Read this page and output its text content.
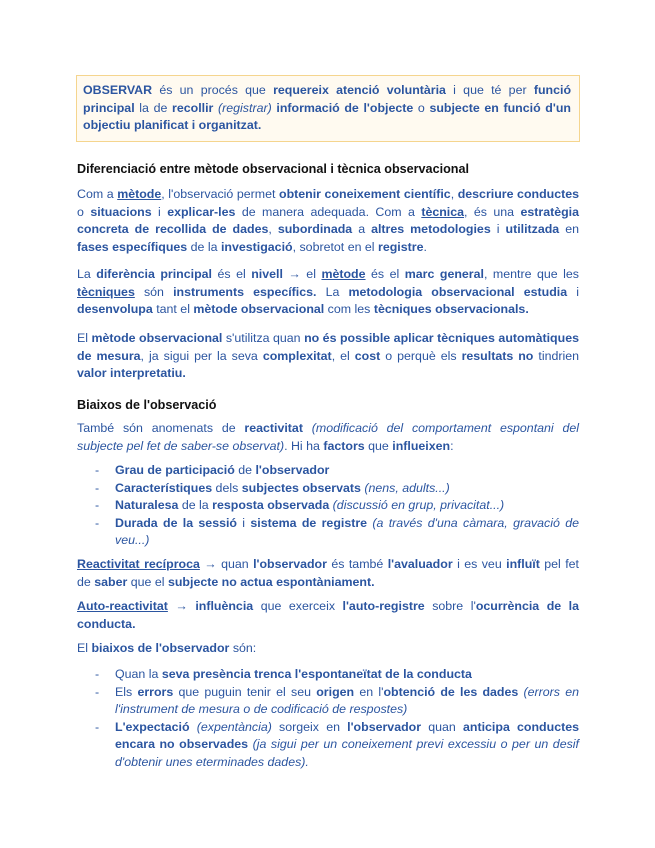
OBSERVAR és un procés que requereix atenció voluntària i que té per funció principal la de recollir (registrar) informació de l'objecte o subjecte en funció d'un objectiu planificat i organitzat.
Diferenciació entre mètode observacional i tècnica observacional
Com a mètode, l'observació permet obtenir coneixement científic, descriure conductes o situacions i explicar-les de manera adequada. Com a tècnica, és una estratègia concreta de recollida de dades, subordinada a altres metodologies i utilitzada en fases específiques de la investigació, sobretot en el registre.
La diferència principal és el nivell → el mètode és el marc general, mentre que les tècniques són instruments específics. La metodologia observacional estudia i desenvolupa tant el mètode observacional com les tècniques observacionals.
El mètode observacional s'utilitza quan no és possible aplicar tècniques automàtiques de mesura, ja sigui per la seva complexitat, el cost o perquè els resultats no tindrien valor interpretatiu.
Biaixos de l'observació
També són anomenats de reactivitat (modificació del comportament espontani del subjecte pel fet de saber-se observat). Hi ha factors que influeixen:
- Grau de participació de l'observador
- Característiques dels subjectes observats (nens, adults...)
- Naturalesa de la resposta observada (discussió en grup, privacitat...)
- Durada de la sessió i sistema de registre (a través d'una càmara, gravació de veu...)
Reactivitat recíproca → quan l'observador és també l'avaluador i es veu influït pel fet de saber que el subjecte no actua espontàniament.
Auto-reactivitat → influència que exerceix l'auto-registre sobre l'ocurrència de la conducta.
El biaixos de l'observador són:
- Quan la seva presència trenca l'espontaneïtat de la conducta
- Els errors que puguin tenir el seu origen en l'obtenció de les dades (errors en l'instrument de mesura o de codificació de respostes)
- L'expectació (expentància) sorgeix en l'observador quan anticipa conductes encara no observades (ja sigui per un coneixement previ excessiu o per un desif d'obtenir unes eterminades dades).
